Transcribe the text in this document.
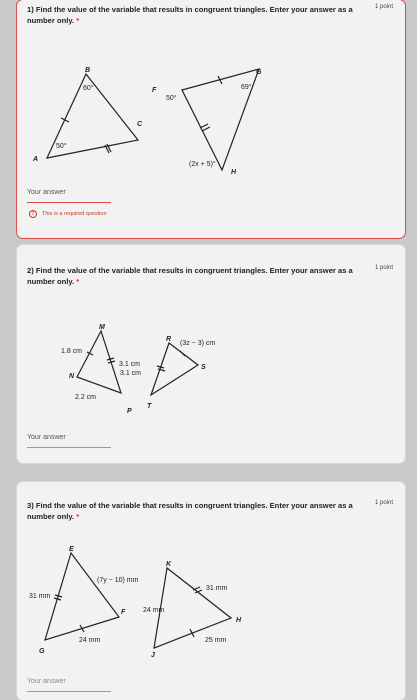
1) Find the value of the variable that results in congruent triangles. Enter your answer as a number only. *
1 point
A
B
F
C
G
H
60°
50°
50°
69°
(2x + 5)°
Your answer
!	This is a required question
2) Find the value of the variable that results in congruent triangles. Enter your answer as a number only. *
1 point
M
N
P
R
S
T
1.8 cm
3.1 cm
3.1 cm
2.2 cm
(3z − 3) cm
Your answer
3) Find the value of the variable that results in congruent triangles. Enter your answer as a number only. *
1 point
E
F
G
K
H
J
31 mm
(7y − 10) mm
24 mm
31 mm
24 mm
25 mm
Your answer
